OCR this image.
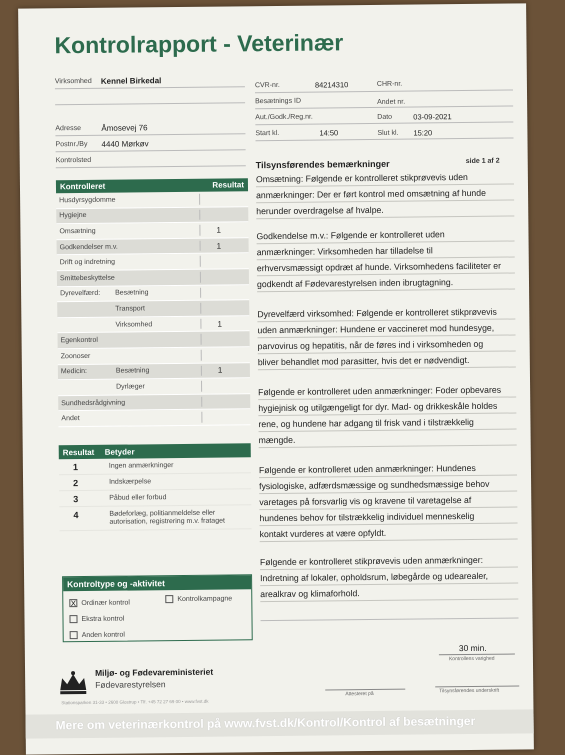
Kontrolrapport - Veterinær
Virksomhed Kennel Birkedal
Adresse	Åmosevej 76
Postnr./By 4440 Mørkøv
Kontrolsted
CVR-nr.	84214310	CHR-nr.
Besætnings ID	Andet nr.
Aut./Godk./Reg.nr.	Dato	03-09-2021
Start kl.	14:50	Slut kl. 15:20
Kontrolleret	Resultat
Husdyrsygdomme
Hygiejne
Omsætning	1
Godkendelser m.v.	1
Drift og indretning
Smittebeskyttelse
Dyrevelfærd: Besætning
Transport
Virksomhed	1
Egenkontrol
Zoonoser
Medicin:	Besætning	1
Dyrlæger
Sundhedsrådgivning
Andet
Resultat	Betyder
1	Ingen anmærkninger
2	Indskærpelse
3	Påbud eller forbud
4	Bødeforlæg, politianmeldelse eller autorisation, registrering m.v. frataget
Kontroltype og -aktivitet
X Ordinær kontrol
Kontrolkampagne
Ekstra kontrol
Anden kontrol
Tilsynsførendes bemærkninger	side 1 af 2
Omsætning: Følgende er kontrolleret stikprøvevis uden
anmærkninger: Der er ført kontrol med omsætning af hunde
herunder overdragelse af hvalpe.
Godkendelse m.v.: Følgende er kontrolleret uden
anmærkninger: Virksomheden har tilladelse til
erhvervsmæssigt opdræt af hunde. Virksomhedens faciliteter er
godkendt af Fødevarestyrelsen inden ibrugtagning.
Dyrevelfærd virksomhed: Følgende er kontrolleret stikprøvevis
uden anmærkninger: Hundene er vaccineret mod hundesyge,
parvovirus og hepatitis, når de føres ind i virksomheden og
bliver behandlet mod parasitter, hvis det er nødvendigt.
Følgende er kontrolleret uden anmærkninger: Foder opbevares
hygiejnisk og utilgængeligt for dyr. Mad- og drikkeskåle holdes
rene, og hundene har adgang til frisk vand i tilstrækkelig
mængde.
Følgende er kontrolleret uden anmærkninger: Hundenes
fysiologiske, adfærdsmæssige og sundhedsmæssige behov
varetages på forsvarlig vis og kravene til varetagelse af
hundenes behov for tilstrækkelig individuel menneskelig
kontakt vurderes at være opfyldt.
Følgende er kontrolleret stikprøvevis uden anmærkninger:
Indretning af lokaler, opholdsrum, løbegårde og udearealer,
arealkrav og klimaforhold.
30 min.
Kontrollens varighed
Attesteret på	Tilsynsførendes underskrift
Miljø- og Fødevareministeriet
Fødevarestyrelsen
Stationsparken 31-33 • 2600 Glostrup • Tlf. +45 72 27 69 00 • www.fvst.dk
Mere om veterinærkontrol på www.fvst.dk/Kontrol/Kontrol af besætninger
